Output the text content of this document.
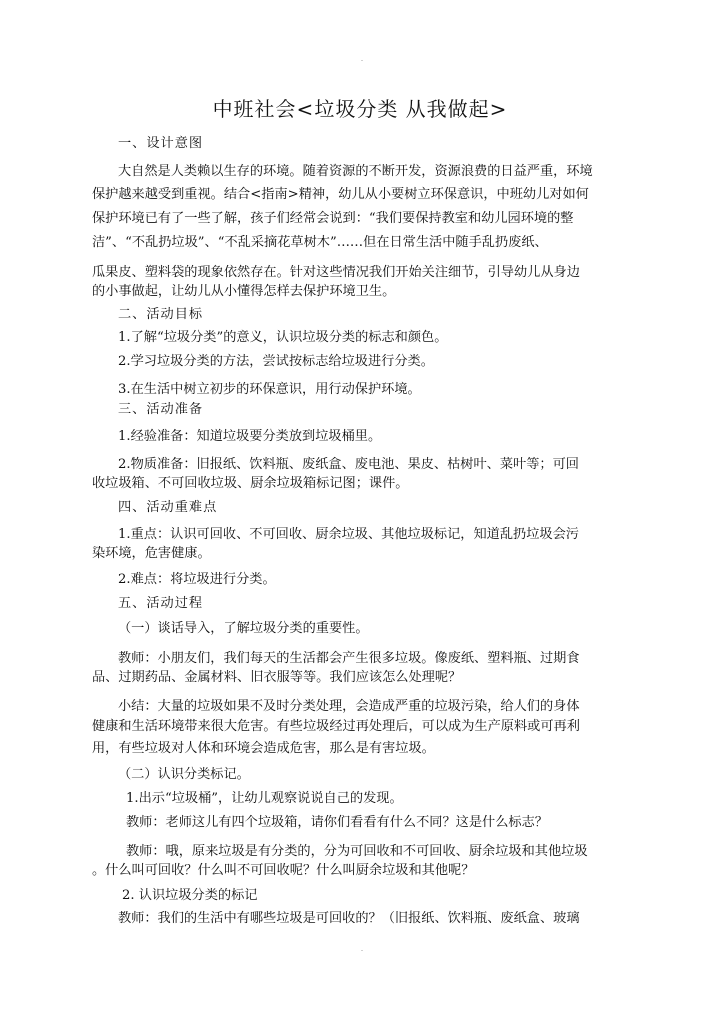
-
中班社会<垃圾分类 从我做起>

一、设计意图

大自然是人类赖以生存的环境。随着资源的不断开发，资源浪费的日益严重，环境

保护越来越受到重视。结合<指南>精神，幼儿从小要树立环保意识，中班幼儿对如何

保护环境已有了一些了解，孩子们经常会说到：“我们要保持教室和幼儿园环境的整

洁”、“不乱扔垃圾”、“不乱采摘花草树木”……但在日常生活中随手乱扔废纸、

瓜果皮、塑料袋的现象依然存在。针对这些情况我们开始关注细节，引导幼儿从身边

的小事做起，让幼儿从小懂得怎样去保护环境卫生。

二、活动目标

1.了解“垃圾分类”的意义，认识垃圾分类的标志和颜色。

2.学习垃圾分类的方法，尝试按标志给垃圾进行分类。

3.在生活中树立初步的环保意识，用行动保护环境。

三、活动准备

1.经验准备：知道垃圾要分类放到垃圾桶里。

2.物质准备：旧报纸、饮料瓶、废纸盒、废电池、果皮、枯树叶、菜叶等；可回

收垃圾箱、不可回收垃圾、厨余垃圾箱标记图；课件。

四、活动重难点

1.重点：认识可回收、不可回收、厨余垃圾、其他垃圾标记，知道乱扔垃圾会污

染环境，危害健康。

2.难点：将垃圾进行分类。

五、活动过程

（一）谈话导入，了解垃圾分类的重要性。

教师：小朋友们，我们每天的生活都会产生很多垃圾。像废纸、塑料瓶、过期食

品、过期药品、金属材料、旧衣服等等。我们应该怎么处理呢？

小结：大量的垃圾如果不及时分类处理，会造成严重的垃圾污染，给人们的身体

健康和生活环境带来很大危害。有些垃圾经过再处理后，可以成为生产原料或可再利

用，有些垃圾对人体和环境会造成危害，那么是有害垃圾。

（二）认识分类标记。

1.出示“垃圾桶”，让幼儿观察说说自己的发现。

教师：老师这儿有四个垃圾箱，请你们看看有什么不同？这是什么标志？

教师：哦，原来垃圾是有分类的，分为可回收和不可回收、厨余垃圾和其他垃圾

。什么叫可回收？什么叫不可回收呢？什么叫厨余垃圾和其他呢？

2. 认识垃圾分类的标记

教师：我们的生活中有哪些垃圾是可回收的？（旧报纸、饮料瓶、废纸盒、玻璃

-
